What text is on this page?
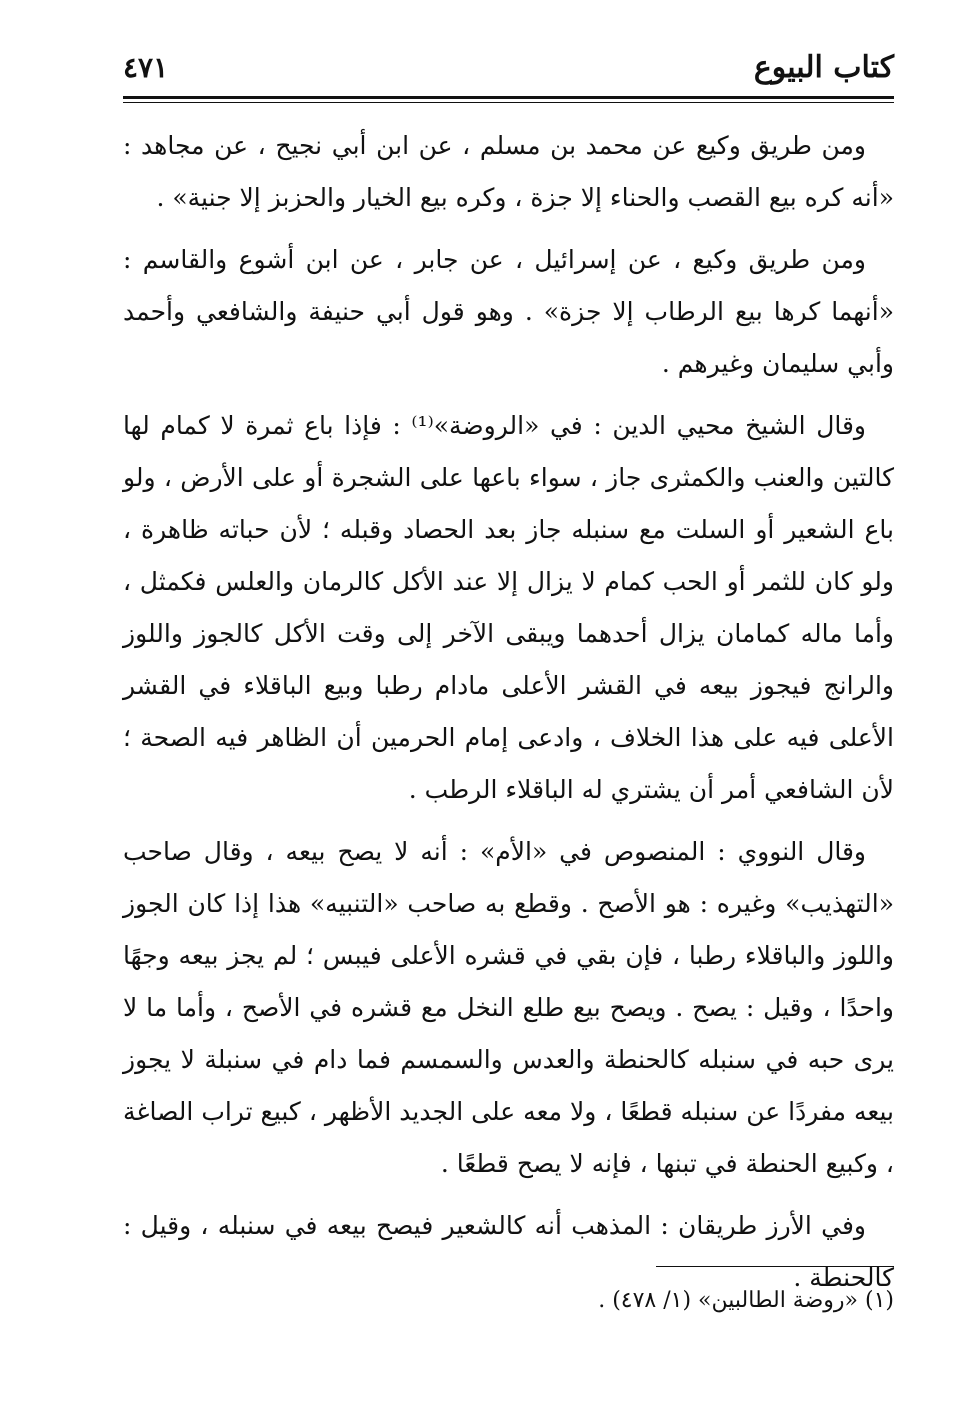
كتاب البيوع
٤٧١

ومن طريق وكيع عن محمد بن مسلم ، عن ابن أبي نجيح ، عن مجاهد : «أنه كره بيع القصب والحناء إلا جزة ، وكره بيع الخيار والحزبز إلا جنية» .

ومن طريق وكيع ، عن إسرائيل ، عن جابر ، عن ابن أشوع والقاسم : «أنهما كرها بيع الرطاب إلا جزة» . وهو قول أبي حنيفة والشافعي وأحمد وأبي سليمان وغيرهم .

وقال الشيخ محيي الدين : في «الروضة»⁽¹⁾ : فإذا باع ثمرة لا كمام لها كالتين والعنب والكمثرى جاز ، سواء باعها على الشجرة أو على الأرض ، ولو باع الشعير أو السلت مع سنبله جاز بعد الحصاد وقبله ؛ لأن حباته ظاهرة ، ولو كان للثمر أو الحب كمام لا يزال إلا عند الأكل كالرمان والعلس فكمثل ، وأما ماله كمامان يزال أحدهما ويبقى الآخر إلى وقت الأكل كالجوز واللوز والرانج فيجوز بيعه في القشر الأعلى مادام رطبا وبيع الباقلاء في القشر الأعلى فيه على هذا الخلاف ، وادعى إمام الحرمين أن الظاهر فيه الصحة ؛ لأن الشافعي أمر أن يشتري له الباقلاء الرطب .

وقال النووي : المنصوص في «الأم» : أنه لا يصح بيعه ، وقال صاحب «التهذيب» وغيره : هو الأصح . وقطع به صاحب «التنبيه» هذا إذا كان الجوز واللوز والباقلاء رطبا ، فإن بقي في قشره الأعلى فيبس ؛ لم يجز بيعه وجهًا واحدًا ، وقيل : يصح . ويصح بيع طلع النخل مع قشره في الأصح ، وأما ما لا يرى حبه في سنبله كالحنطة والعدس والسمسم فما دام في سنبلة لا يجوز بيعه مفردًا عن سنبله قطعًا ، ولا معه على الجديد الأظهر ، كبيع تراب الصاغة ، وكبيع الحنطة في تبنها ، فإنه لا يصح قطعًا .

وفي الأرز طريقان : المذهب أنه كالشعير فيصح بيعه في سنبله ، وقيل : كالحنطة .

(١) «روضة الطالبين» (١/ ٤٧٨) .
